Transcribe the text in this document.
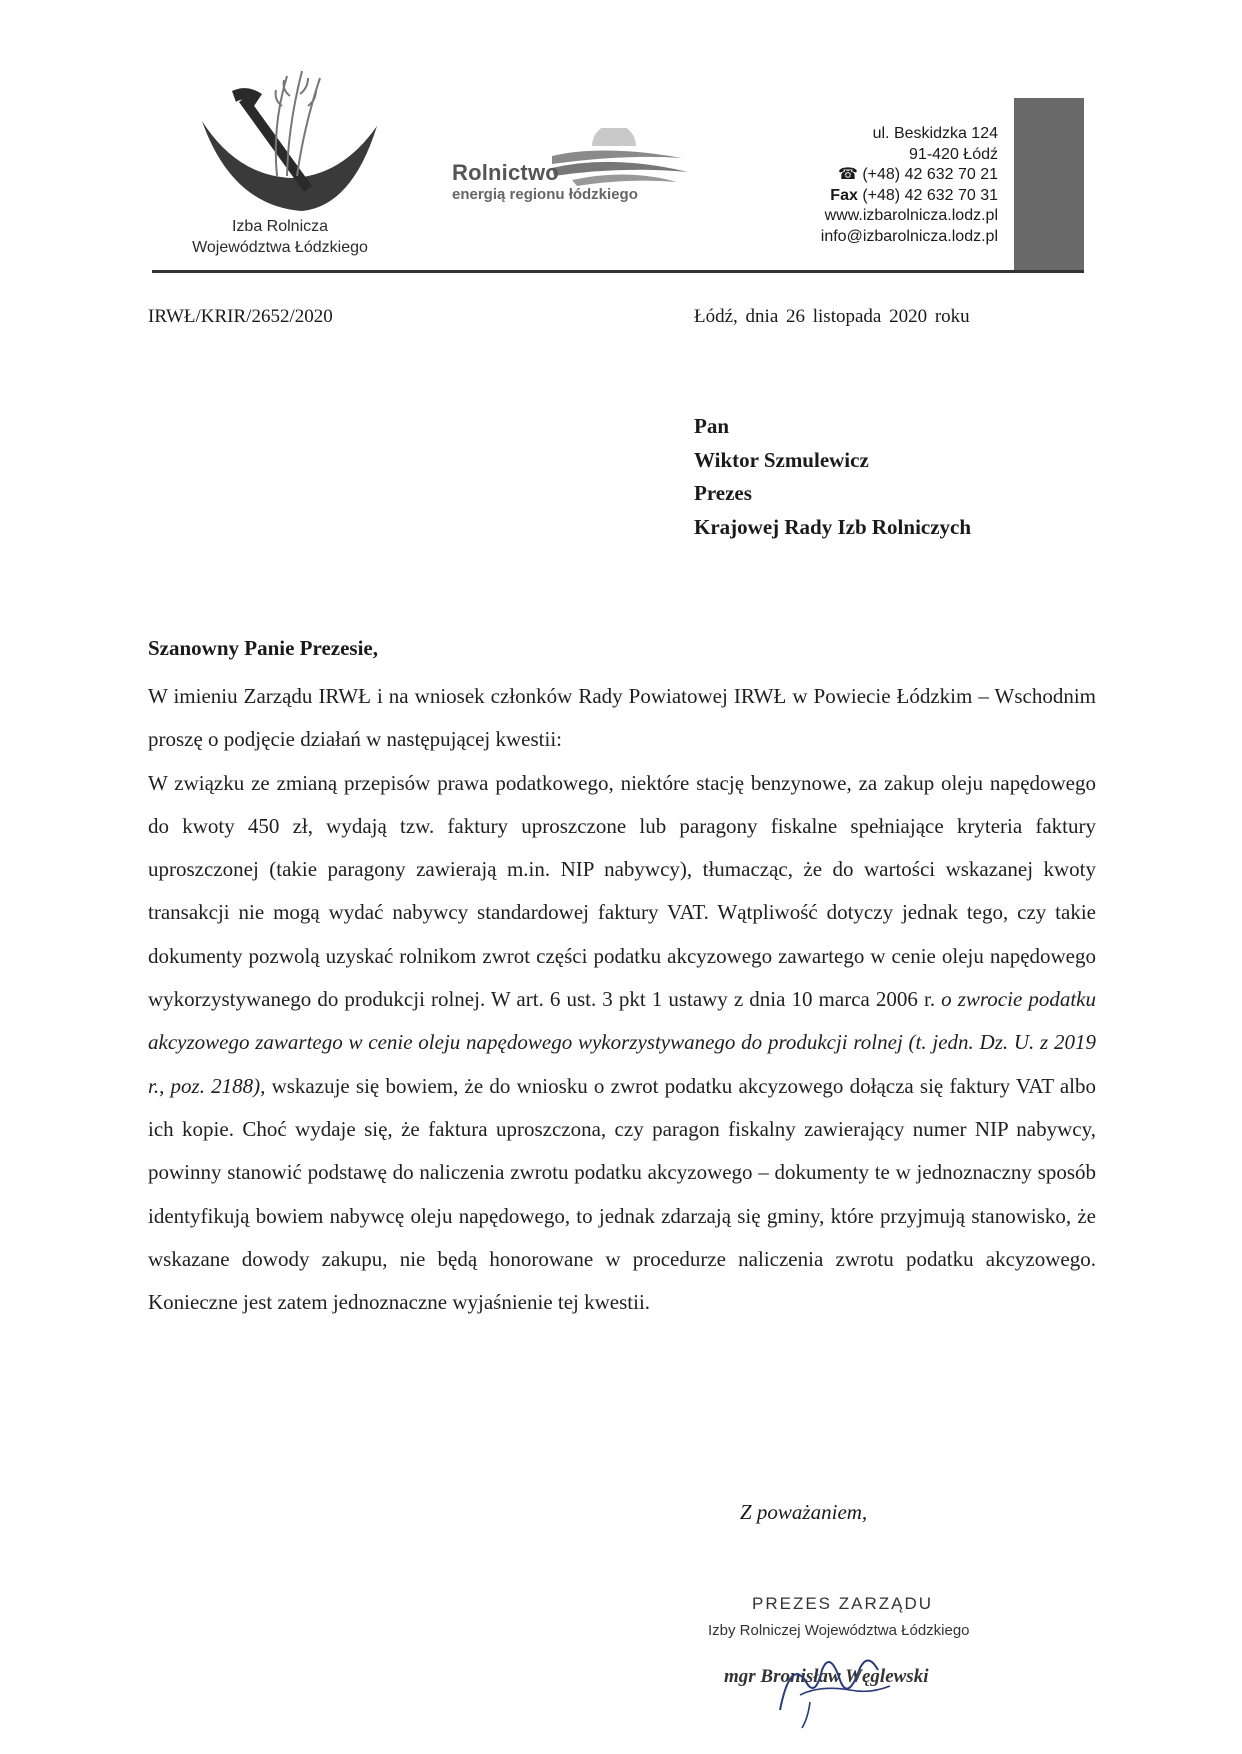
Izba Rolnicza
Województwa Łódzkiego
Rolnictwo
energią regionu łódzkiego
ul. Beskidzka 124
91-420 Łódź
☎ (+48) 42 632 70 21
Fax (+48) 42 632 70 31
www.izbarolnicza.lodz.pl
info@izbarolnicza.lodz.pl
IRWŁ/KRIR/2652/2020	Łódź, dnia 26 listopada 2020 roku
Pan
Wiktor Szmulewicz
Prezes
Krajowej Rady Izb Rolniczych
Szanowny Panie Prezesie,

W imieniu Zarządu IRWŁ i na wniosek członków Rady Powiatowej IRWŁ w Powiecie Łódzkim – Wschodnim proszę o podjęcie działań w następującej kwestii:

W związku ze zmianą przepisów prawa podatkowego, niektóre stację benzynowe, za zakup oleju napędowego do kwoty 450 zł, wydają tzw. faktury uproszczone lub paragony fiskalne spełniające kryteria faktury uproszczonej (takie paragony zawierają m.in. NIP nabywcy), tłumacząc, że do wartości wskazanej kwoty transakcji nie mogą wydać nabywcy standardowej faktury VAT. Wątpliwość dotyczy jednak tego, czy takie dokumenty pozwolą uzyskać rolnikom zwrot części podatku akcyzowego zawartego w cenie oleju napędowego wykorzystywanego do produkcji rolnej. W art. 6 ust. 3 pkt 1 ustawy z dnia 10 marca 2006 r. o zwrocie podatku akcyzowego zawartego w cenie oleju napędowego wykorzystywanego do produkcji rolnej (t. jedn. Dz. U. z 2019 r., poz. 2188), wskazuje się bowiem, że do wniosku o zwrot podatku akcyzowego dołącza się faktury VAT albo ich kopie. Choć wydaje się, że faktura uproszczona, czy paragon fiskalny zawierający numer NIP nabywcy, powinny stanowić podstawę do naliczenia zwrotu podatku akcyzowego – dokumenty te w jednoznaczny sposób identyfikują bowiem nabywcę oleju napędowego, to jednak zdarzają się gminy, które przyjmują stanowisko, że wskazane dowody zakupu, nie będą honorowane w procedurze naliczenia zwrotu podatku akcyzowego. Konieczne jest zatem jednoznaczne wyjaśnienie tej kwestii.

Z poważaniem,
PREZES ZARZĄDU
Izby Rolniczej Województwa Łódzkiego
mgr Bronisław Węglewski
